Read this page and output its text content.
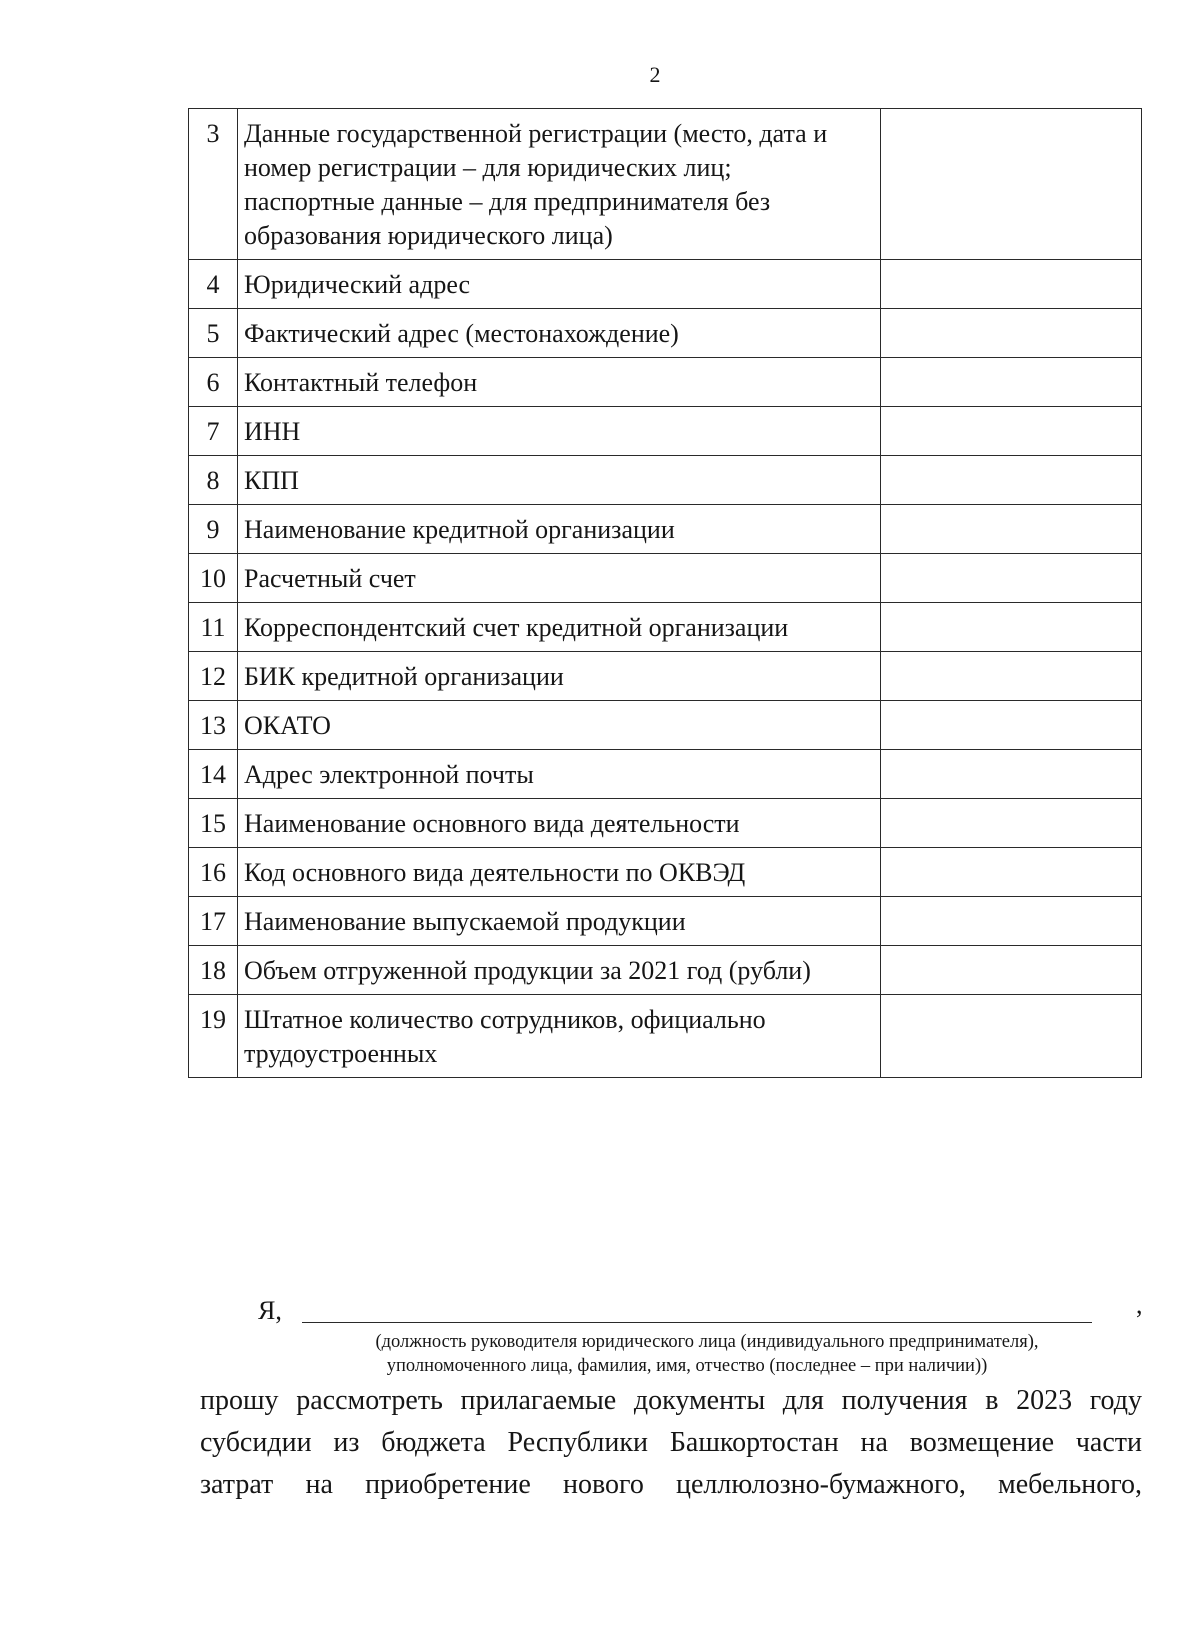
2
3	Данные государственной регистрации (место, дата и номер регистрации – для юридических лиц;
паспортные данные – для предпринимателя без образования юридического лица)	
4	Юридический адрес	
5	Фактический адрес (местонахождение)	
6	Контактный телефон	
7	ИНН	
8	КПП	
9	Наименование кредитной организации	
10	Расчетный счет	
11	Корреспондентский счет кредитной организации	
12	БИК кредитной организации	
13	ОКАТО	
14	Адрес электронной почты	
15	Наименование основного вида деятельности	
16	Код основного вида деятельности по ОКВЭД	
17	Наименование выпускаемой продукции	
18	Объем отгруженной продукции за 2021 год (рубли)	
19	Штатное количество сотрудников, официально трудоустроенных	
Я,	,
(должность руководителя юридического лица (индивидуального предпринимателя),
уполномоченного лица, фамилия, имя, отчество (последнее – при наличии))
прошу рассмотреть прилагаемые документы для получения в 2023 году
субсидии из бюджета Республики Башкортостан на возмещение части
затрат на приобретение нового целлюлозно-бумажного, мебельного,
